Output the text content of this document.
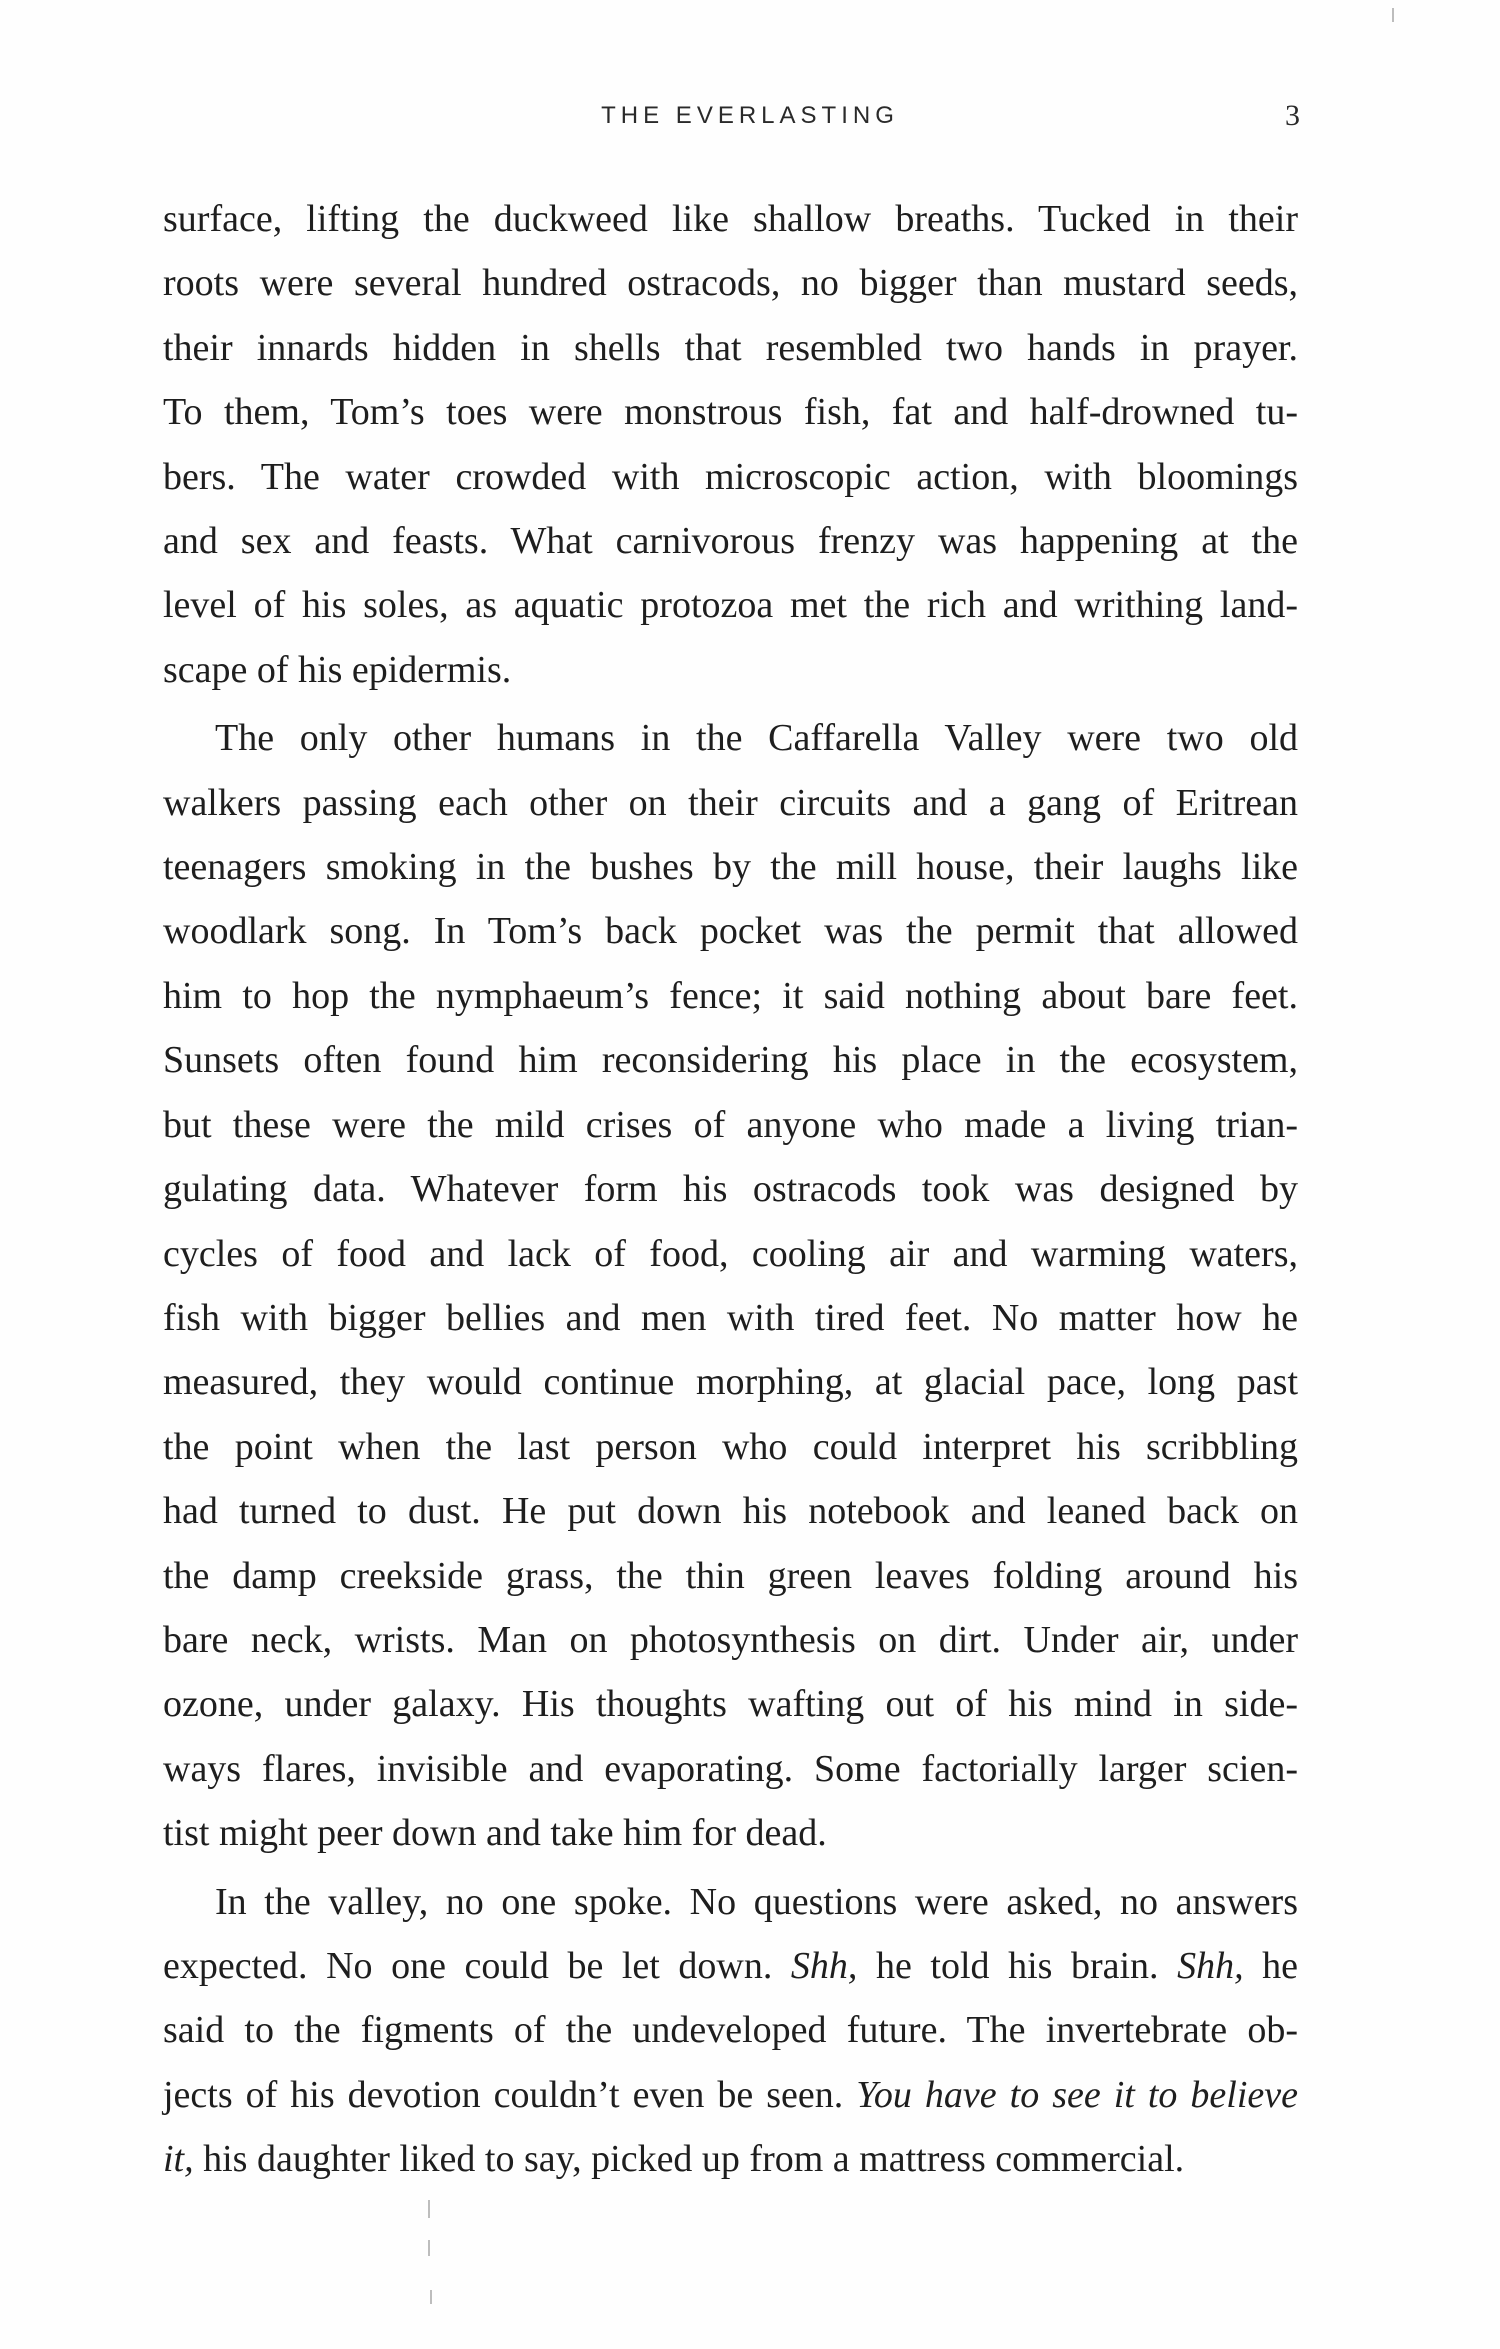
THE EVERLASTING	3
surface, lifting the duckweed like shallow breaths. Tucked in their
roots were several hundred ostracods, no bigger than mustard seeds,
their innards hidden in shells that resembled two hands in prayer.
To them, Tom’s toes were monstrous fish, fat and half-drowned tu-
bers. The water crowded with microscopic action, with bloomings
and sex and feasts. What carnivorous frenzy was happening at the
level of his soles, as aquatic protozoa met the rich and writhing land-
scape of his epidermis.
The only other humans in the Caffarella Valley were two old
walkers passing each other on their circuits and a gang of Eritrean
teenagers smoking in the bushes by the mill house, their laughs like
woodlark song. In Tom’s back pocket was the permit that allowed
him to hop the nymphaeum’s fence; it said nothing about bare feet.
Sunsets often found him reconsidering his place in the ecosystem,
but these were the mild crises of anyone who made a living trian-
gulating data. Whatever form his ostracods took was designed by
cycles of food and lack of food, cooling air and warming waters,
fish with bigger bellies and men with tired feet. No matter how he
measured, they would continue morphing, at glacial pace, long past
the point when the last person who could interpret his scribbling
had turned to dust. He put down his notebook and leaned back on
the damp creekside grass, the thin green leaves folding around his
bare neck, wrists. Man on photosynthesis on dirt. Under air, under
ozone, under galaxy. His thoughts wafting out of his mind in side-
ways flares, invisible and evaporating. Some factorially larger scien-
tist might peer down and take him for dead.
In the valley, no one spoke. No questions were asked, no answers
expected. No one could be let down. Shh, he told his brain. Shh, he
said to the figments of the undeveloped future. The invertebrate ob-
jects of his devotion couldn’t even be seen. You have to see it to believe
it, his daughter liked to say, picked up from a mattress commercial.
